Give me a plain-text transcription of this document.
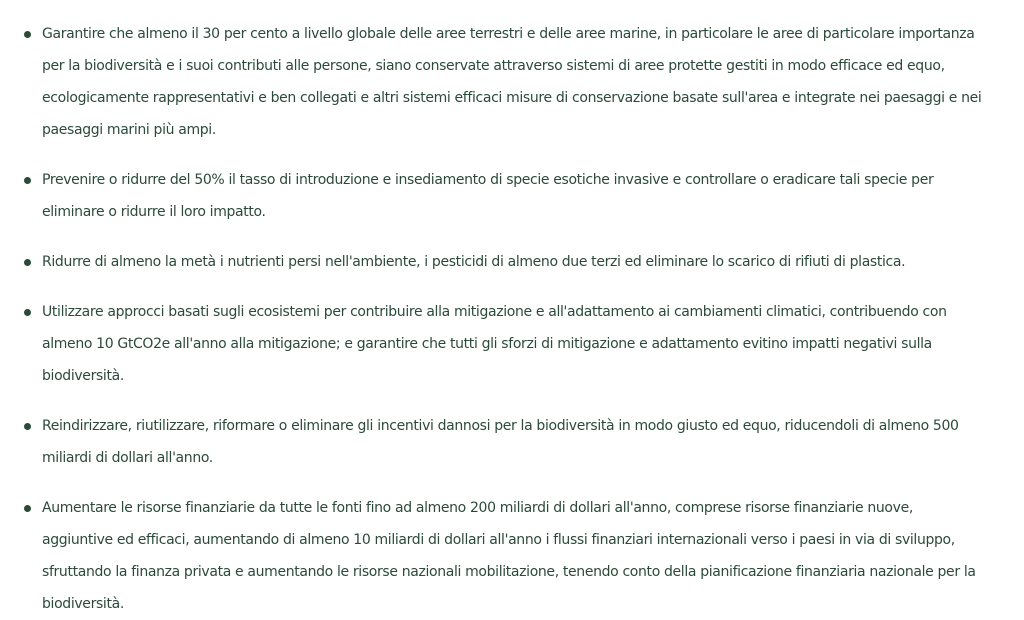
Garantire che almeno il 30 per cento a livello globale delle aree terrestri e delle aree marine, in particolare le aree di particolare importanza per la biodiversità e i suoi contributi alle persone, siano conservate attraverso sistemi di aree protette gestiti in modo efficace ed equo, ecologicamente rappresentativi e ben collegati e altri sistemi efficaci misure di conservazione basate sull'area e integrate nei paesaggi e nei paesaggi marini più ampi.
Prevenire o ridurre del 50% il tasso di introduzione e insediamento di specie esotiche invasive e controllare o eradicare tali specie per eliminare o ridurre il loro impatto.
Ridurre di almeno la metà i nutrienti persi nell'ambiente, i pesticidi di almeno due terzi ed eliminare lo scarico di rifiuti di plastica.
Utilizzare approcci basati sugli ecosistemi per contribuire alla mitigazione e all'adattamento ai cambiamenti climatici, contribuendo con almeno 10 GtCO2e all'anno alla mitigazione; e garantire che tutti gli sforzi di mitigazione e adattamento evitino impatti negativi sulla biodiversità.
Reindirizzare, riutilizzare, riformare o eliminare gli incentivi dannosi per la biodiversità in modo giusto ed equo, riducendoli di almeno 500 miliardi di dollari all'anno.
Aumentare le risorse finanziarie da tutte le fonti fino ad almeno 200 miliardi di dollari all'anno, comprese risorse finanziarie nuove, aggiuntive ed efficaci, aumentando di almeno 10 miliardi di dollari all'anno i flussi finanziari internazionali verso i paesi in via di sviluppo, sfruttando la finanza privata e aumentando le risorse nazionali mobilitazione, tenendo conto della pianificazione finanziaria nazionale per la biodiversità.
